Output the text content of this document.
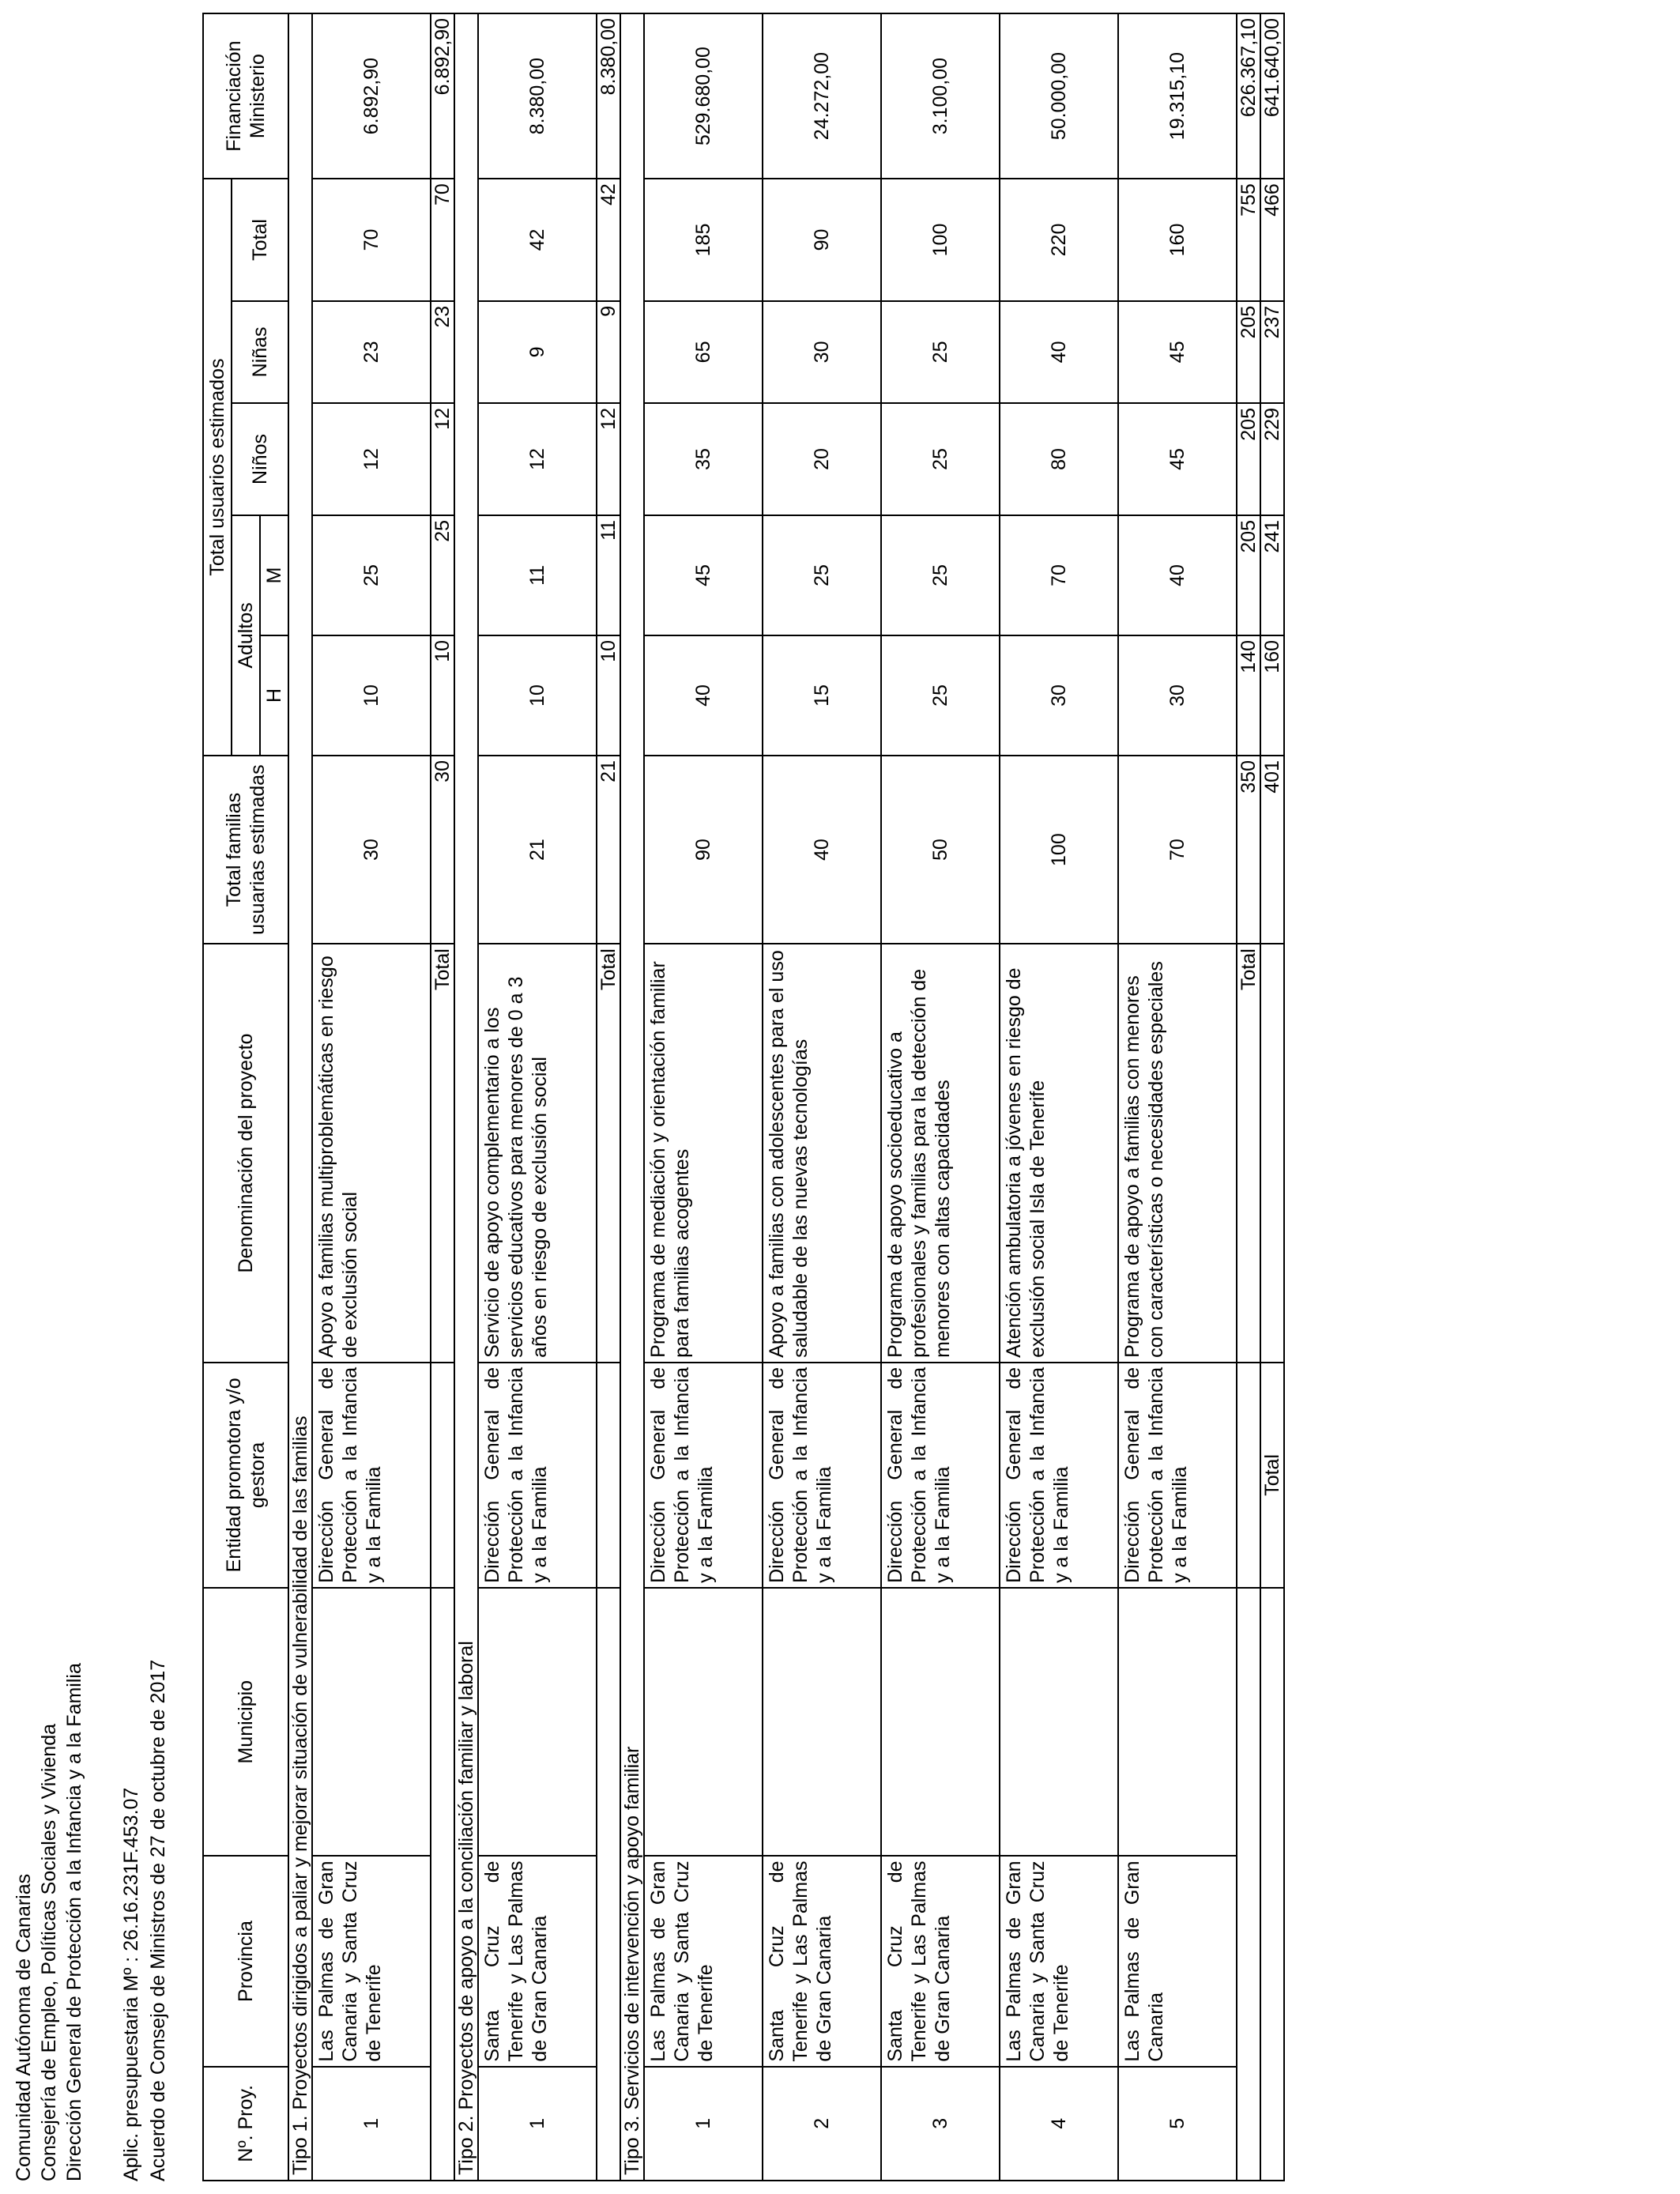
Comunidad Autónoma de Canarias Consejería de Empleo, Políticas Sociales y Vivienda Dirección General de Protección a la Infancia y a la Familia Aplic. presupuestaria Mº : 26.16.231F.453.07 Acuerdo de Consejo de Ministros de 27 de octubre de 2017	Nº. Proy.	Provincia	Municipio	Entidad promotora y/o gestora	Denominación del proyecto	Total familias usuarias estimadas	Total usuarios estimados					Financiación Ministerio
						Adultos		Niños	Niñas	Total	
						H	M				
Tipo 1. Proyectos dirigidos a paliar y mejorar situación de vulnerabilidad de las familias											
1	Las Palmas de Gran Canaria y Santa Cruz de Tenerife		Dirección General de Protección a la Infancia y a la Familia	Apoyo a familias multiproblemáticas en riesgo de exclusión social	30	10	25	12	23	70	6.892,90
				Total	30	10	25	12	23	70	6.892,90
Tipo 2. Proyectos de apoyo a la conciliación familiar y laboral											
1	Santa Cruz de Tenerife y Las Palmas de Gran Canaria		Dirección General de Protección a la Infancia y a la Familia	Servicio de apoyo complementario a los servicios educativos para menores de 0 a 3 años en riesgo de exclusión social	21	10	11	12	9	42	8.380,00
				Total	21	10	11	12	9	42	8.380,00
Tipo 3. Servicios de intervención y apoyo familiar											
1	Las Palmas de Gran Canaria y Santa Cruz de Tenerife		Dirección General de Protección a la Infancia y a la Familia	Programa de mediación y orientación familiar para familias acogentes	90	40	45	35	65	185	529.680,00
2	Santa Cruz de Tenerife y Las Palmas de Gran Canaria		Dirección General de Protección a la Infancia y a la Familia	Apoyo a familias con adolescentes para el uso saludable de las nuevas tecnologías	40	15	25	20	30	90	24.272,00
3	Santa Cruz de Tenerife y Las Palmas de Gran Canaria		Dirección General de Protección a la Infancia y a la Familia	Programa de apoyo socioeducativo a profesionales y familias para la detección de menores con altas capacidades	50	25	25	25	25	100	3.100,00
4	Las Palmas de Gran Canaria y Santa Cruz de Tenerife		Dirección General de Protección a la Infancia y a la Familia	Atención ambulatoria a jóvenes en riesgo de exclusión social Isla de Tenerife	100	30	70	80	40	220	50.000,00
5	Las Palmas de Gran Canaria		Dirección General de Protección a la Infancia y a la Familia	Programa de apoyo a familias con menores con características o necesidades especiales	70	30	40	45	45	160	19.315,10
				Total	350	140	205	205	205	755	626.367,10
			Total		401	160	241	229	237	466	641.640,00
